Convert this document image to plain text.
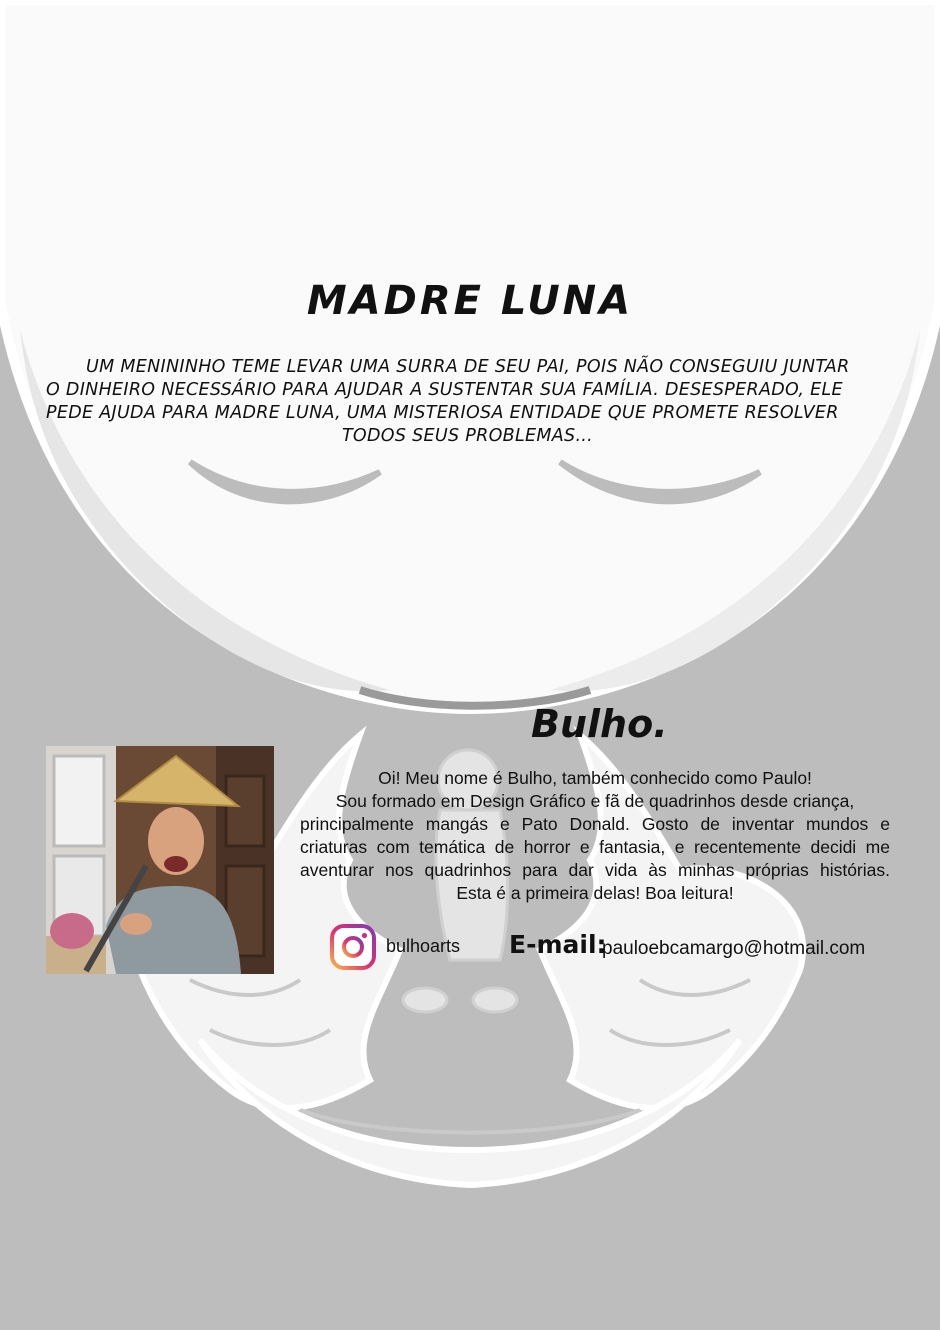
MADRE LUNA
UM MENININHO TEME LEVAR UMA SURRA DE SEU PAI, POIS NÃO CONSEGUIU JUNTAR
O DINHEIRO NECESSÁRIO PARA AJUDAR A SUSTENTAR SUA FAMÍLIA. DESESPERADO, ELE
PEDE AJUDA PARA MADRE LUNA, UMA MISTERIOSA ENTIDADE QUE PROMETE RESOLVER
TODOS SEUS PROBLEMAS...
Bulho.
Oi! Meu nome é Bulho, também conhecido como Paulo!
Sou formado em Design Gráfico e fã de quadrinhos desde criança,
principalmente mangás e Pato Donald. Gosto de inventar mundos e
criaturas com temática de horror e fantasia, e recentemente decidi me
aventurar nos quadrinhos para dar vida às minhas próprias histórias.
Esta é a primeira delas! Boa leitura!
bulhoarts E-mail:
pauloebcamargo@hotmail.com
